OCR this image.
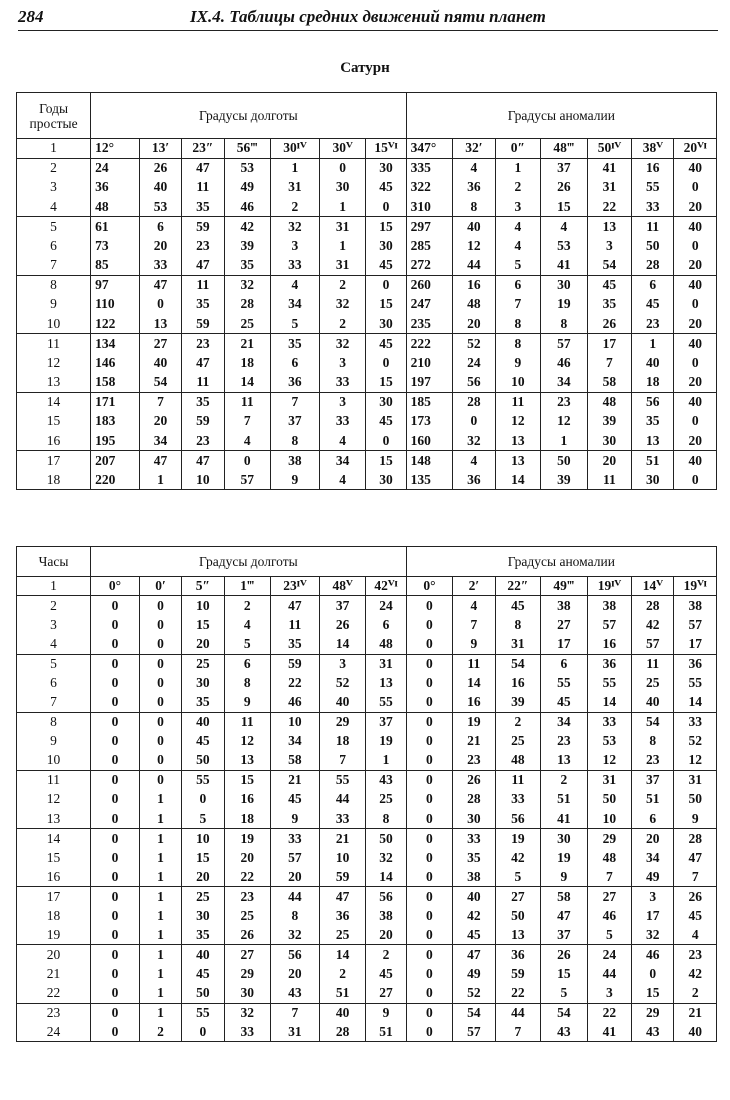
284	IX.4. Таблицы средних движений пяти планет
Сатурн
Годы простые	Градусы долготы							Градусы аномалии						
1	12°	13′	23″	56‴	30ᴵⱽ	30ⱽ	15ⱽᴵ	347°	32′	0″	48‴	50ᴵⱽ	38ⱽ	20ⱽᴵ
2	24	26	47	53	1	0	30	335	4	1	37	41	16	40
3	36	40	11	49	31	30	45	322	36	2	26	31	55	0
4	48	53	35	46	2	1	0	310	8	3	15	22	33	20
5	61	6	59	42	32	31	15	297	40	4	4	13	11	40
6	73	20	23	39	3	1	30	285	12	4	53	3	50	0
7	85	33	47	35	33	31	45	272	44	5	41	54	28	20
8	97	47	11	32	4	2	0	260	16	6	30	45	6	40
9	110	0	35	28	34	32	15	247	48	7	19	35	45	0
10	122	13	59	25	5	2	30	235	20	8	8	26	23	20
11	134	27	23	21	35	32	45	222	52	8	57	17	1	40
12	146	40	47	18	6	3	0	210	24	9	46	7	40	0
13	158	54	11	14	36	33	15	197	56	10	34	58	18	20
14	171	7	35	11	7	3	30	185	28	11	23	48	56	40
15	183	20	59	7	37	33	45	173	0	12	12	39	35	0
16	195	34	23	4	8	4	0	160	32	13	1	30	13	20
17	207	47	47	0	38	34	15	148	4	13	50	20	51	40
18	220	1	10	57	9	4	30	135	36	14	39	11	30	0
Часы	Градусы долготы							Градусы аномалии						
1	0°	0′	5″	1‴	23ᴵⱽ	48ⱽ	42ⱽᴵ	0°	2′	22″	49‴	19ᴵⱽ	14ⱽ	19ⱽᴵ
2	0	0	10	2	47	37	24	0	4	45	38	38	28	38
3	0	0	15	4	11	26	6	0	7	8	27	57	42	57
4	0	0	20	5	35	14	48	0	9	31	17	16	57	17
5	0	0	25	6	59	3	31	0	11	54	6	36	11	36
6	0	0	30	8	22	52	13	0	14	16	55	55	25	55
7	0	0	35	9	46	40	55	0	16	39	45	14	40	14
8	0	0	40	11	10	29	37	0	19	2	34	33	54	33
9	0	0	45	12	34	18	19	0	21	25	23	53	8	52
10	0	0	50	13	58	7	1	0	23	48	13	12	23	12
11	0	0	55	15	21	55	43	0	26	11	2	31	37	31
12	0	1	0	16	45	44	25	0	28	33	51	50	51	50
13	0	1	5	18	9	33	8	0	30	56	41	10	6	9
14	0	1	10	19	33	21	50	0	33	19	30	29	20	28
15	0	1	15	20	57	10	32	0	35	42	19	48	34	47
16	0	1	20	22	20	59	14	0	38	5	9	7	49	7
17	0	1	25	23	44	47	56	0	40	27	58	27	3	26
18	0	1	30	25	8	36	38	0	42	50	47	46	17	45
19	0	1	35	26	32	25	20	0	45	13	37	5	32	4
20	0	1	40	27	56	14	2	0	47	36	26	24	46	23
21	0	1	45	29	20	2	45	0	49	59	15	44	0	42
22	0	1	50	30	43	51	27	0	52	22	5	3	15	2
23	0	1	55	32	7	40	9	0	54	44	54	22	29	21
24	0	2	0	33	31	28	51	0	57	7	43	41	43	40
